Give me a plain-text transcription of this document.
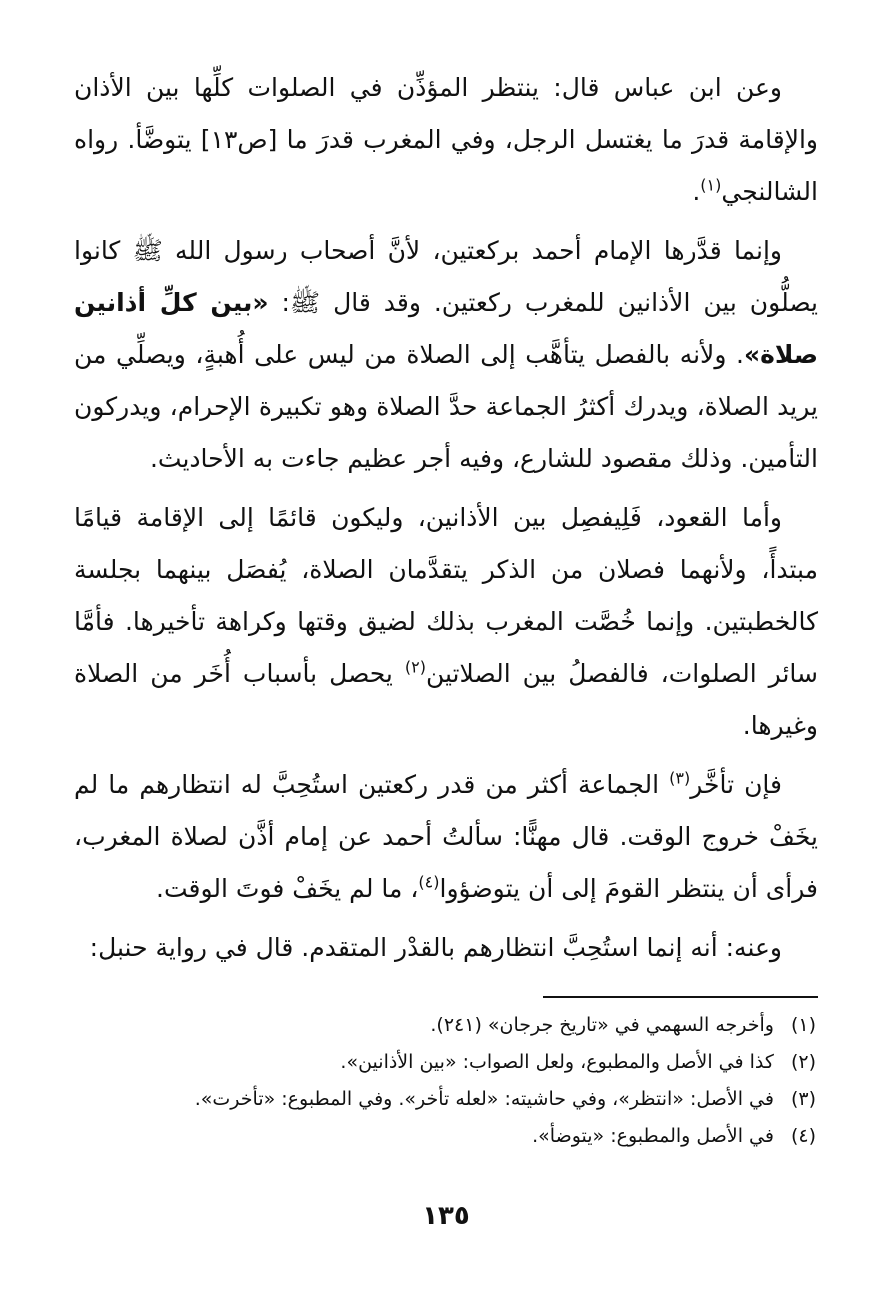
وعن ابن عباس قال: ينتظر المؤذِّن في الصلوات كلِّها بين الأذان والإقامة قدرَ ما يغتسل الرجل، وفي المغرب قدرَ ما [ص١٣] يتوضَّأ. رواه الشالنجي$^{(١)}$.

وإنما قدَّرها الإمام أحمد بركعتين، لأنَّ أصحاب رسول الله ﷺ كانوا يصلُّون بين الأذانين للمغرب ركعتين. وقد قال ﷺ: «بين كلِّ أذانين صلاة». ولأنه بالفصل يتأهَّب إلى الصلاة من ليس على أُهبةٍ، ويصلِّي من يريد الصلاة، ويدرك أكثرُ الجماعة حدَّ الصلاة وهو تكبيرة الإحرام، ويدركون التأمين. وذلك مقصود للشارع، وفيه أجر عظيم جاءت به الأحاديث.

وأما القعود، فَلِيفصِل بين الأذانين، وليكون قائمًا إلى الإقامة قيامًا مبتدأً، ولأنهما فصلان من الذكر يتقدَّمان الصلاة، يُفصَل بينهما بجلسة كالخطبتين. وإنما خُصَّت المغرب بذلك لضيق وقتها وكراهة تأخيرها. فأمَّا سائر الصلوات، فالفصلُ بين الصلاتين$^{(٢)}$ يحصل بأسباب أُخَر من الصلاة وغيرها.

فإن تأخَّر$^{(٣)}$ الجماعة أكثر من قدر ركعتين استُحِبَّ له انتظارهم ما لم يخَفْ خروج الوقت. قال مهنًّا: سألتُ أحمد عن إمام أذَّن لصلاة المغرب، فرأى أن ينتظر القومَ إلى أن يتوضؤوا$^{(٤)}$، ما لم يخَفْ فوتَ الوقت.

وعنه: أنه إنما استُحِبَّ انتظارهم بالقدْر المتقدم. قال في رواية حنبل:

(١) وأخرجه السهمي في «تاريخ جرجان» (٢٤١).

(٢) كذا في الأصل والمطبوع، ولعل الصواب: «بين الأذانين».

(٣) في الأصل: «انتظر»، وفي حاشيته: «لعله تأخر». وفي المطبوع: «تأخرت».

(٤) في الأصل والمطبوع: «يتوضأ».

١٣٥
